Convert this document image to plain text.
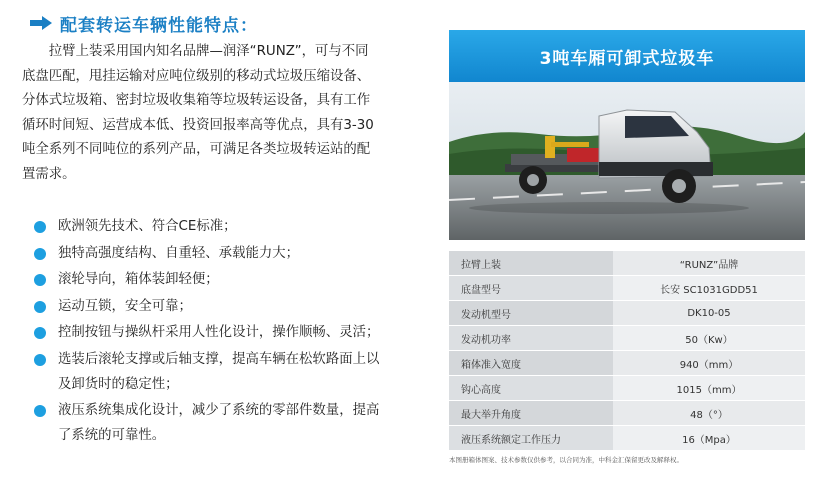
配套转运车辆性能特点：

拉臂上装采用国内知名品牌—润泽“RUNZ”，可与不同底盘匹配，甩挂运输对应吨位级别的移动式垃圾压缩设备、分体式垃圾箱、密封垃圾收集箱等垃圾转运设备，具有工作循环时间短、运营成本低、投资回报率高等优点，具有3-30吨全系列不同吨位的系列产品，可满足各类垃圾转运站的配置需求。

欧洲领先技术、符合CE标准；
独特高强度结构、自重轻、承载能力大；
滚轮导向，箱体装卸轻便；
运动互锁，安全可靠；
控制按钮与操纵杆采用人性化设计，操作顺畅、灵活；
选装后滚轮支撑或后轴支撑，提高车辆在松软路面上以及卸货时的稳定性；
液压系统集成化设计，减少了系统的零部件数量，提高了系统的可靠性。
3吨车厢可卸式垃圾车
拉臂上装	“RUNZ”品牌
底盘型号	长安 SC1031GDD51
发动机型号	DK10-05
发动机功率	50（Kw）
箱体准入宽度	940（mm）
钩心高度	1015（mm）
最大举升角度	48（°）
液压系统额定工作压力	16（Mpa）
本图册箱体图案、技术参数仅供参考，以合同为准，中科金汇保留更改及解释权。
